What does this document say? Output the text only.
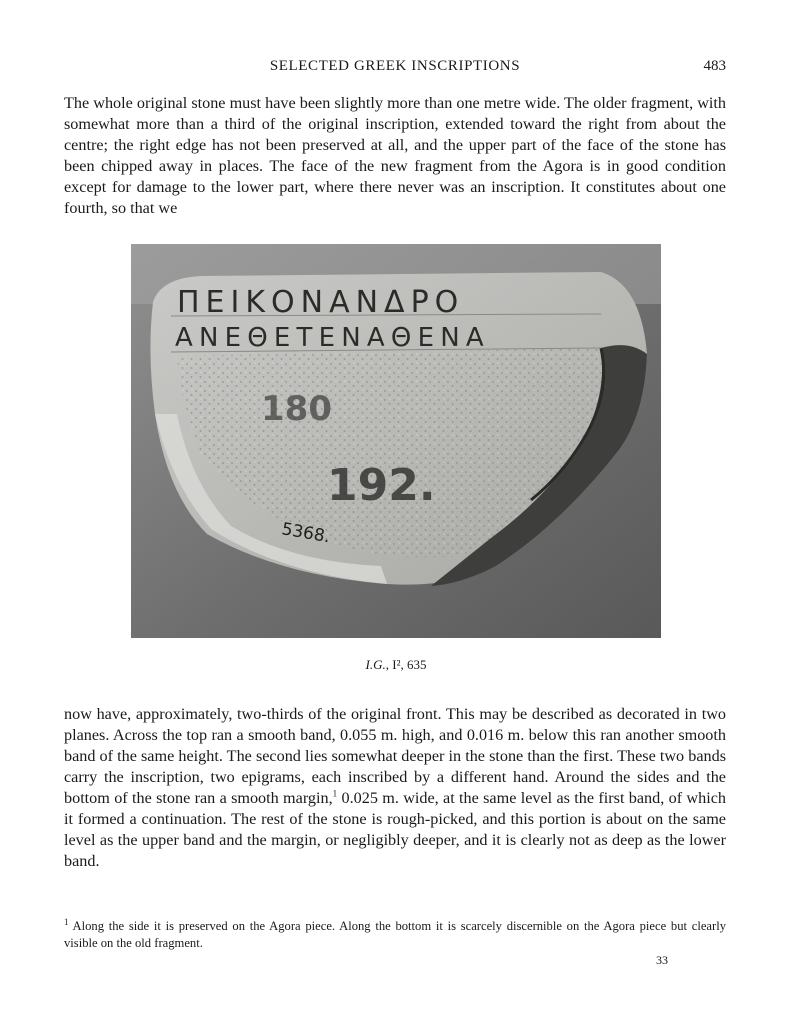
SELECTED GREEK INSCRIPTIONS	483

The whole original stone must have been slightly more than one metre wide. The older fragment, with somewhat more than a third of the original inscription, extended toward the right from about the centre; the right edge has not been preserved at all, and the upper part of the face of the stone has been chipped away in places. The face of the new fragment from the Agora is in good condition except for damage to the lower part, where there never was an inscription. It constitutes about one fourth, so that we

ΠΕΙΚΟΝΑΝΔΡΟ
ΑΝΕΘΕΤΕΝΑΘΕΝΑ
180
192.
5368.
I.G., I², 635

now have, approximately, two-thirds of the original front. This may be described as decorated in two planes. Across the top ran a smooth band, 0.055 m. high, and 0.016 m. below this ran another smooth band of the same height. The second lies somewhat deeper in the stone than the first. These two bands carry the inscription, two epigrams, each inscribed by a different hand. Around the sides and the bottom of the stone ran a smooth margin,$^1$ 0.025 m. wide, at the same level as the first band, of which it formed a continuation. The rest of the stone is rough-picked, and this portion is about on the same level as the upper band and the margin, or negligibly deeper, and it is clearly not as deep as the lower band.

$^1$ Along the side it is preserved on the Agora piece. Along the bottom it is scarcely discernible on the Agora piece but clearly visible on the old fragment.

33
